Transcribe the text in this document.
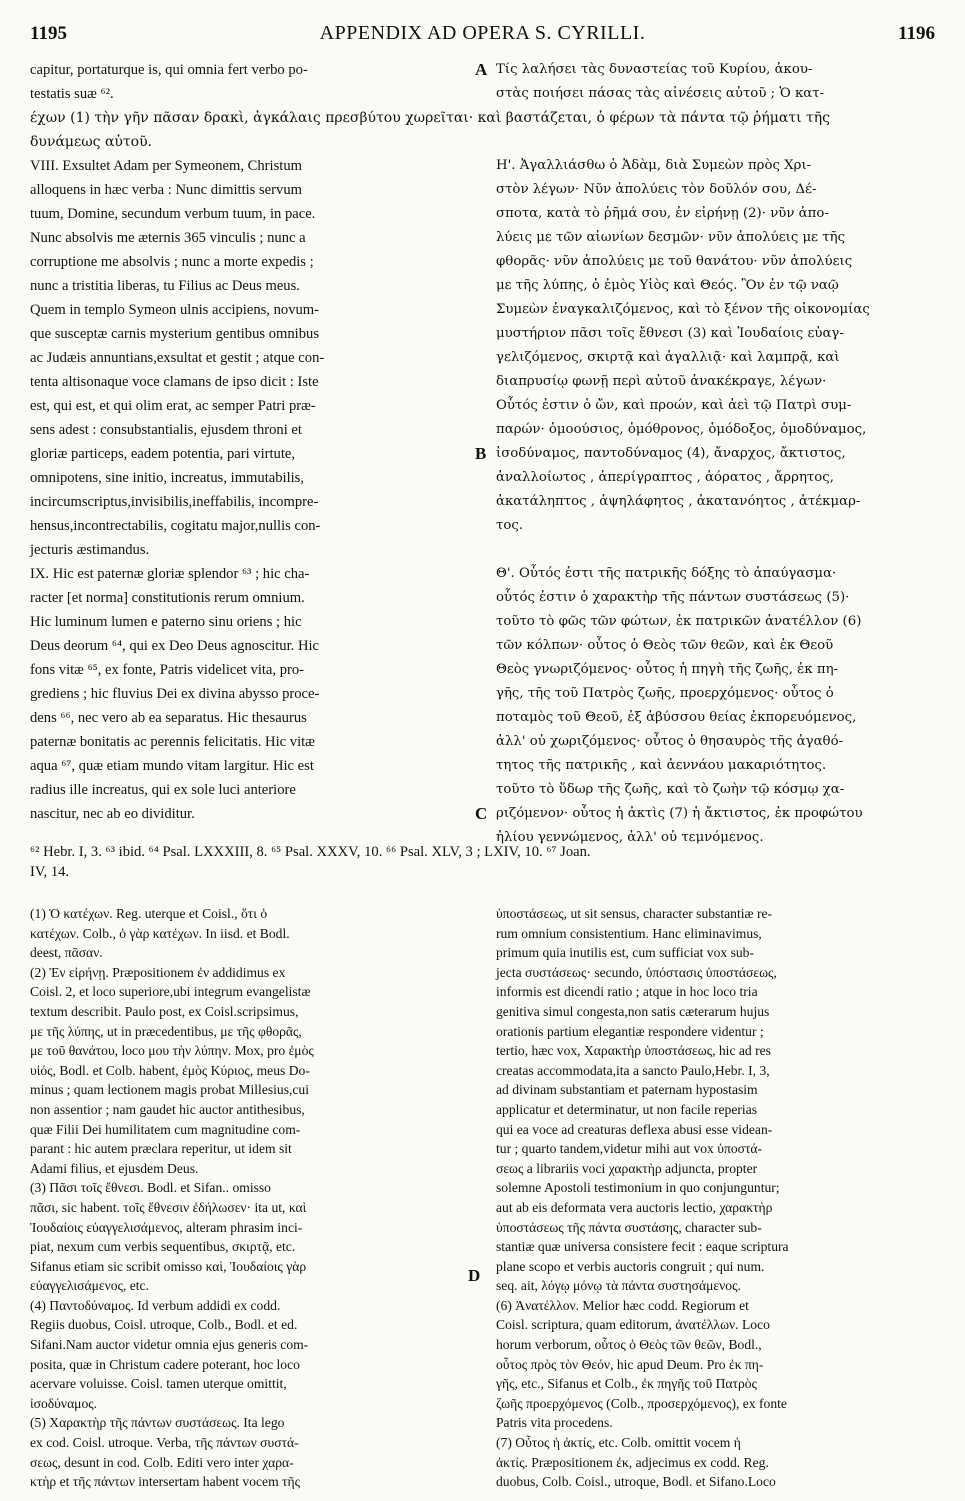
1195	APPENDIX AD OPERA S. CYRILLI.	1196
capitur, portaturque is, qui omnia fert verbo po-	A Τίς λαλήσει τὰς δυναστείας τοῦ Κυρίου, ἀκου-
testatis suæ ⁶².	στὰς ποιήσει πάσας τὰς αἰνέσεις αὐτοῦ ; Ὁ κατ-
έχων (1) τὴν γῆν πᾶσαν δρακὶ, ἀγκάλαις πρεσβύτου χωρεῖται· καὶ βαστάζεται, ὁ φέρων τὰ πάντα τῷ ῥήματι τῆς
δυνάμεως αὐτοῦ.
VIII. Exsultet Adam per Symeonem, Christum	Η'. Ἀγαλλιάσθω ὁ Ἀδὰμ, διὰ Συμεὼν πρὸς Χρι-
alloquens in hæc verba : Nunc dimittis servum	στὸν λέγων· Νῦν ἀπολύεις τὸν δοῦλόν σου, Δέ-
tuum, Domine, secundum verbum tuum, in pace.	σποτα, κατὰ τὸ ῥῆμά σου, ἐν εἰρήνῃ (2)· νῦν ἀπο-
Nunc absolvis me æternis 365 vinculis ; nunc a	λύεις με τῶν αἰωνίων δεσμῶν· νῦν ἀπολύεις με τῆς
corruptione me absolvis ; nunc a morte expedis ;	φθορᾶς· νῦν ἀπολύεις με τοῦ θανάτου· νῦν ἀπολύεις
nunc a tristitia liberas, tu Filius ac Deus meus.	με τῆς λύπης, ὁ ἐμὸς Υἱὸς καὶ Θεός. Ὃν ἐν τῷ ναῷ
Quem in templo Symeon ulnis accipiens, novum-	Συμεὼν ἐναγκαλιζόμενος, καὶ τὸ ξένον τῆς οἰκονομίας
que susceptæ carnis mysterium gentibus omnibus	μυστήριον πᾶσι τοῖς ἔθνεσι (3) καὶ Ἰουδαίοις εὐαγ-
ac Judæis annuntians,exsultat et gestit ; atque con-	γελιζόμενος, σκιρτᾷ καὶ ἀγαλλιᾷ· καὶ λαμπρᾷ, καὶ
tenta altisonaque voce clamans de ipso dicit : Iste	διαπρυσίῳ φωνῇ περὶ αὐτοῦ ἀνακέκραγε, λέγων·
est, qui est, et qui olim erat, ac semper Patri præ-	Οὗτός ἐστιν ὁ ὤν, καὶ προών, καὶ ἀεὶ τῷ Πατρὶ συμ-
sens adest : consubstantialis, ejusdem throni et	παρών· ὁμοούσιος, ὁμόθρονος, ὁμόδοξος, ὁμοδύναμος,
gloriæ particeps, eadem potentia, pari virtute,	B ἰσοδύναμος, παντοδύναμος (4), ἄναρχος, ἄκτιστος,
omnipotens, sine initio, increatus, immutabilis,	ἀναλλοίωτος , ἀπερίγραπτος , ἀόρατος , ἄρρητος,
incircumscriptus,invisibilis,ineffabilis, incompre-	ἀκατάληπτος , ἀψηλάφητος , ἀκατανόητος , ἀτέκμαρ-
hensus,incontrectabilis, cogitatu major,nullis con-	τος.
jecturis æstimandus.
IX. Hic est paternæ gloriæ splendor ⁶³ ; hic cha-	Θ'. Οὗτός ἐστι τῆς πατρικῆς δόξης τὸ ἀπαύγασμα·
racter [et norma] constitutionis rerum omnium.	οὗτός ἐστιν ὁ χαρακτὴρ τῆς πάντων συστάσεως (5)·
Hic luminum lumen e paterno sinu oriens ; hic	τοῦτο τὸ φῶς τῶν φώτων, ἐκ πατρικῶν ἀνατέλλον (6)
Deus deorum ⁶⁴, qui ex Deo Deus agnoscitur. Hic	τῶν κόλπων· οὗτος ὁ Θεὸς τῶν θεῶν, καὶ ἐκ Θεοῦ
fons vitæ ⁶⁵, ex fonte, Patris videlicet vita, pro-	Θεὸς γνωριζόμενος· οὗτος ἡ πηγὴ τῆς ζωῆς, ἐκ πη-
grediens ; hic fluvius Dei ex divina abysso proce-	γῆς, τῆς τοῦ Πατρὸς ζωῆς, προερχόμενος· οὗτος ὁ
dens ⁶⁶, nec vero ab ea separatus. Hic thesaurus	ποταμὸς τοῦ Θεοῦ, ἐξ ἀβύσσου θείας ἐκπορευόμενος,
paternæ bonitatis ac perennis felicitatis. Hic vitæ	ἀλλ' οὐ χωριζόμενος· οὗτος ὁ θησαυρὸς τῆς ἀγαθό-
aqua ⁶⁷, quæ etiam mundo vitam largitur. Hic est	τητος τῆς πατρικῆς , καὶ ἀεννάου μακαριότητος.
radius ille increatus, qui ex sole luci anteriore	τοῦτο τὸ ὕδωρ τῆς ζωῆς, καὶ τὸ ζωὴν τῷ κόσμῳ χα-
nascitur, nec ab eo dividitur.	C ριζόμενον· οὗτος ἡ ἀκτὶς (7) ἡ ἄκτιστος, ἐκ προφώτου
ἡλίου γεννώμενος, ἀλλ' οὐ τεμνόμενος.
⁶² Hebr. I, 3. ⁶³ ibid. ⁶⁴ Psal. LXXXIII, 8. ⁶⁵ Psal. XXXV, 10. ⁶⁶ Psal. XLV, 3 ; LXIV, 10. ⁶⁷ Joan.
IV, 14.
(1) Ὁ κατέχων. Reg. uterque et Coisl., ὅτι ὁ
κατέχων. Colb., ὁ γὰρ κατέχων. In iisd. et Bodl.
deest, πᾶσαν.
(2) Ἐν εἰρήνῃ. Præpositionem ἐν addidimus ex
Coisl. 2, et loco superiore,ubi integrum evangelistæ
textum describit. Paulo post, ex Coisl.scripsimus,
με τῆς λύπης, ut in præcedentibus, με τῆς φθορᾶς,
με τοῦ θανάτου, loco μου τὴν λύπην. Mox, pro ἐμὸς
υἱός, Bodl. et Colb. habent, ἐμὸς Κύριος, meus Do-
minus ; quam lectionem magis probat Millesius,cui
non assentior ; nam gaudet hic auctor antithesibus,
quæ Filii Dei humilitatem cum magnitudine com-
parant : hic autem præclara reperitur, ut idem sit
Adami filius, et ejusdem Deus.
(3) Πᾶσι τοῖς ἔθνεσι. Bodl. et Sifan.. omisso
πᾶσι, sic habent. τοῖς ἔθνεσιν ἐδήλωσεν· ita ut, καὶ
Ἰουδαίοις εὐαγγελισάμενος, alteram phrasim inci-
piat, nexum cum verbis sequentibus, σκιρτᾷ, etc.
Sifanus etiam sic scribit omisso καὶ, Ἰουδαίοις γὰρ
εὐαγγελισάμενος, etc.
(4) Παντοδύναμος. Id verbum addidi ex codd.
Regiis duobus, Coisl. utroque, Colb., Bodl. et ed.
Sifani.Nam auctor videtur omnia ejus generis com-
posita, quæ in Christum cadere poterant, hoc loco
acervare voluisse. Coisl. tamen uterque omittit,
ἰσοδύναμος.
(5) Χαρακτὴρ τῆς πάντων συστάσεως. Ita lego
ex cod. Coisl. utroque. Verba, τῆς πάντων συστά-
σεως, desunt in cod. Colb. Editi vero inter χαρα-
κτὴρ et τῆς πάντων intersertam habent vocem τῆς
D
ὑποστάσεως, ut sit sensus, character substantiæ re-
rum omnium consistentium. Hanc eliminavimus,
primum quia inutilis est, cum sufficiat vox sub-
jecta συστάσεως· secundo, ὑπόστασις ὑποστάσεως,
informis est dicendi ratio ; atque in hoc loco tria
genitiva simul congesta,non satis cæterarum hujus
orationis partium elegantiæ respondere videntur ;
tertio, hæc vox, Χαρακτὴρ ὑποστάσεως, hic ad res
creatas accommodata,ita a sancto Paulo,Hebr. I, 3,
ad divinam substantiam et paternam hypostasim
applicatur et determinatur, ut non facile reperias
qui ea voce ad creaturas deflexa abusi esse videan-
tur ; quarto tandem,videtur mihi aut vox ὑποστά-
σεως a librariis voci χαρακτὴρ adjuncta, propter
solemne Apostoli testimonium in quo conjunguntur;
aut ab eis deformata vera auctoris lectio, χαρακτὴρ
ὑποστάσεως τῆς πάντα συστάσης, character sub-
stantiæ quæ universa consistere fecit : eaque scriptura
plane scopo et verbis auctoris congruit ; qui num.
seq. ait, λόγῳ μόνῳ τὰ πάντα συστησάμενος.
(6) Ἀνατέλλον. Melior hæc codd. Regiorum et
Coisl. scriptura, quam editorum, ἀνατέλλων. Loco
horum verborum, οὗτος ὁ Θεὸς τῶν θεῶν, Bodl.,
οὗτος πρὸς τὸν Θεόν, hic apud Deum. Pro ἐκ πη-
γῆς, etc., Sifanus et Colb., ἐκ πηγῆς τοῦ Πατρὸς
ζωῆς προερχόμενος (Colb., προσερχόμενος), ex fonte
Patris vita procedens.
(7) Οὗτος ἡ ἀκτίς, etc. Colb. omittit vocem ἡ
ἀκτίς. Præpositionem ἐκ, adjecimus ex codd. Reg.
duobus, Colb. Coisl., utroque, Bodl. et Sifano.Loco
